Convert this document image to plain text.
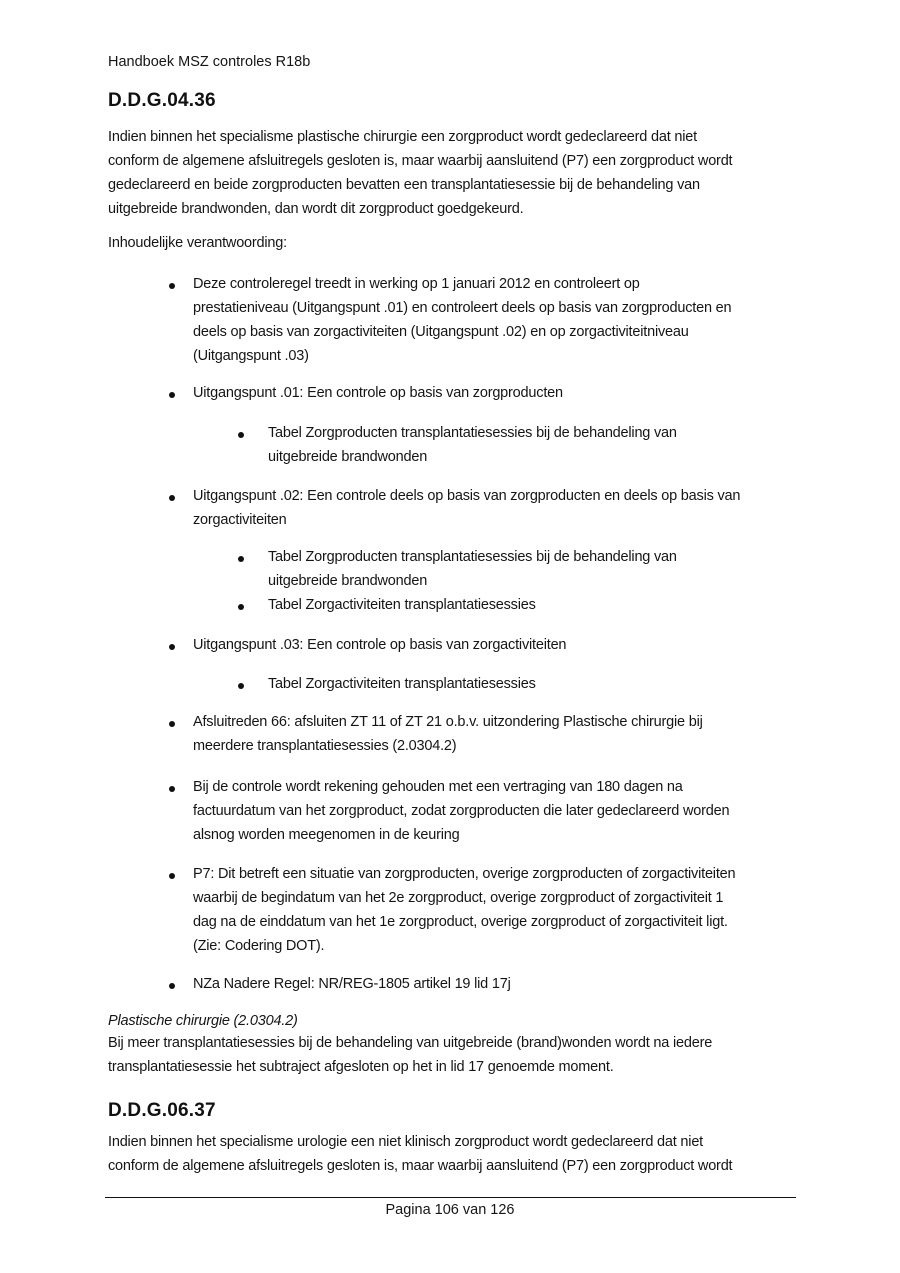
Handboek MSZ controles R18b
D.D.G.04.36
Indien binnen het specialisme plastische chirurgie een zorgproduct wordt gedeclareerd dat niet
conform de algemene afsluitregels gesloten is, maar waarbij aansluitend (P7) een zorgproduct wordt
gedeclareerd en beide zorgproducten bevatten een transplantatiesessie bij de behandeling van
uitgebreide brandwonden, dan wordt dit zorgproduct goedgekeurd.
Inhoudelijke verantwoording:
Deze controleregel treedt in werking op 1 januari 2012 en controleert op
prestatieniveau (Uitgangspunt .01) en controleert deels op basis van zorgproducten en
deels op basis van zorgactiviteiten (Uitgangspunt .02) en op zorgactiviteitniveau
(Uitgangspunt .03)
Uitgangspunt .01: Een controle op basis van zorgproducten
Tabel Zorgproducten transplantatiesessies bij de behandeling van
uitgebreide brandwonden
Uitgangspunt .02: Een controle deels op basis van zorgproducten en deels op basis van
zorgactiviteiten
Tabel Zorgproducten transplantatiesessies bij de behandeling van
uitgebreide brandwonden
Tabel Zorgactiviteiten transplantatiesessies
Uitgangspunt .03: Een controle op basis van zorgactiviteiten
Tabel Zorgactiviteiten transplantatiesessies
Afsluitreden 66: afsluiten ZT 11 of ZT 21 o.b.v. uitzondering Plastische chirurgie bij
meerdere transplantatiesessies (2.0304.2)
Bij de controle wordt rekening gehouden met een vertraging van 180 dagen na
factuurdatum van het zorgproduct, zodat zorgproducten die later gedeclareerd worden
alsnog worden meegenomen in de keuring
P7: Dit betreft een situatie van zorgproducten, overige zorgproducten of zorgactiviteiten
waarbij de begindatum van het 2e zorgproduct, overige zorgproduct of zorgactiviteit 1
dag na de einddatum van het 1e zorgproduct, overige zorgproduct of zorgactiviteit ligt.
(Zie: Codering DOT).
NZa Nadere Regel: NR/REG-1805 artikel 19 lid 17j
Plastische chirurgie (2.0304.2)
Bij meer transplantatiesessies bij de behandeling van uitgebreide (brand)wonden wordt na iedere
transplantatiesessie het subtraject afgesloten op het in lid 17 genoemde moment.
D.D.G.06.37
Indien binnen het specialisme urologie een niet klinisch zorgproduct wordt gedeclareerd dat niet
conform de algemene afsluitregels gesloten is, maar waarbij aansluitend (P7) een zorgproduct wordt
Pagina 106 van 126
